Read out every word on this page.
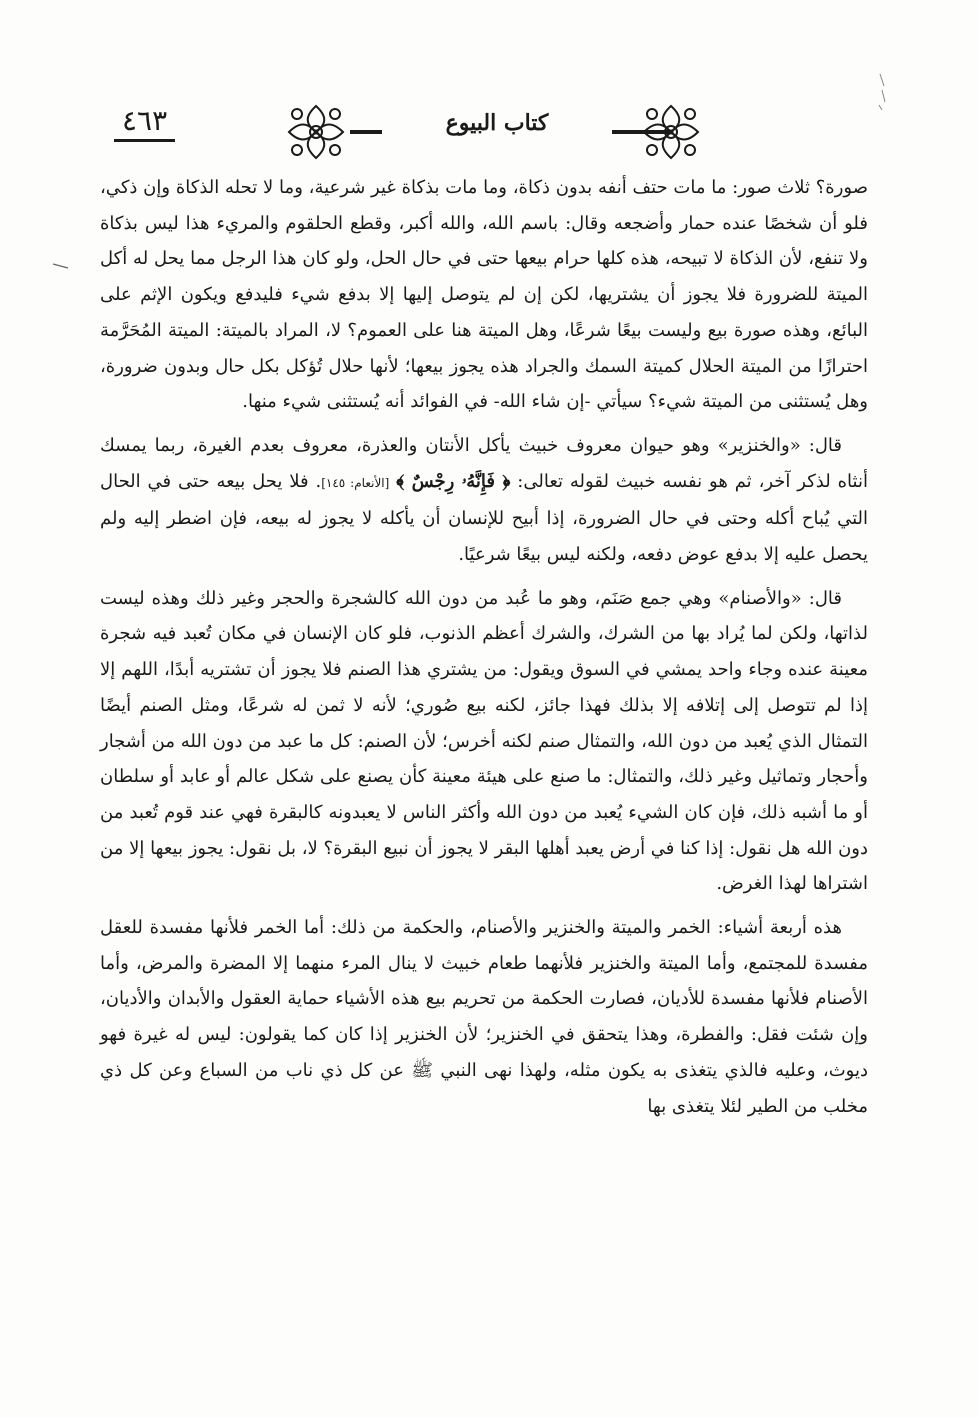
٤٦٣	كتاب البيوع

صورة؟ ثلاث صور: ما مات حتف أنفه بدون ذكاة، وما مات بذكاة غير شرعية، وما لا تحله الذكاة وإن ذكي، فلو أن شخصًا عنده حمار وأضجعه وقال: باسم الله، والله أكبر، وقطع الحلقوم والمريء هذا ليس بذكاة ولا تنفع، لأن الذكاة لا تبيحه، هذه كلها حرام بيعها حتى في حال الحل، ولو كان هذا الرجل مما يحل له أكل الميتة للضرورة فلا يجوز أن يشتريها، لكن إن لم يتوصل إليها إلا بدفع شيء فليدفع ويكون الإثم على البائع، وهذه صورة بيع وليست بيعًا شرعًا، وهل الميتة هنا على العموم؟ لا، المراد بالميتة: الميتة المُحَرَّمة احترازًا من الميتة الحلال كميتة السمك والجراد هذه يجوز بيعها؛ لأنها حلال تُؤكل بكل حال وبدون ضرورة، وهل يُستثنى من الميتة شيء؟ سيأتي -إن شاء الله- في الفوائد أنه يُستثنى شيء منها.

قال: «والخنزير» وهو حيوان معروف خبيث يأكل الأنتان والعذرة، معروف بعدم الغيرة، ربما يمسك أنثاه لذكر آخر، ثم هو نفسه خبيث لقوله تعالى: ﴿ فَإِنَّهُۥ رِجْسٌ ﴾ [الأنعام: ١٤٥]. فلا يحل بيعه حتى في الحال التي يُباح أكله وحتى في حال الضرورة، إذا أبيح للإنسان أن يأكله لا يجوز له بيعه، فإن اضطر إليه ولم يحصل عليه إلا بدفع عوض دفعه، ولكنه ليس بيعًا شرعيًا.

قال: «والأصنام» وهي جمع صَنَم، وهو ما عُبد من دون الله كالشجرة والحجر وغير ذلك وهذه ليست لذاتها، ولكن لما يُراد بها من الشرك، والشرك أعظم الذنوب، فلو كان الإنسان في مكان تُعبد فيه شجرة معينة عنده وجاء واحد يمشي في السوق ويقول: من يشتري هذا الصنم فلا يجوز أن تشتريه أبدًا، اللهم إلا إذا لم تتوصل إلى إتلافه إلا بذلك فهذا جائز، لكنه بيع صُوري؛ لأنه لا ثمن له شرعًا، ومثل الصنم أيضًا التمثال الذي يُعبد من دون الله، والتمثال صنم لكنه أخرس؛ لأن الصنم: كل ما عبد من دون الله من أشجار وأحجار وتماثيل وغير ذلك، والتمثال: ما صنع على هيئة معينة كأن يصنع على شكل عالم أو عابد أو سلطان أو ما أشبه ذلك، فإن كان الشيء يُعبد من دون الله وأكثر الناس لا يعبدونه كالبقرة فهي عند قوم تُعبد من دون الله هل نقول: إذا كنا في أرض يعبد أهلها البقر لا يجوز أن نبيع البقرة؟ لا، بل نقول: يجوز بيعها إلا من اشتراها لهذا الغرض.

هذه أربعة أشياء: الخمر والميتة والخنزير والأصنام، والحكمة من ذلك: أما الخمر فلأنها مفسدة للعقل مفسدة للمجتمع، وأما الميتة والخنزير فلأنهما طعام خبيث لا ينال المرء منهما إلا المضرة والمرض، وأما الأصنام فلأنها مفسدة للأديان، فصارت الحكمة من تحريم بيع هذه الأشياء حماية العقول والأبدان والأديان، وإن شئت فقل: والفطرة، وهذا يتحقق في الخنزير؛ لأن الخنزير إذا كان كما يقولون: ليس له غيرة فهو ديوث، وعليه فالذي يتغذى به يكون مثله، ولهذا نهى النبي ﷺ عن كل ذي ناب من السباع وعن كل ذي مخلب من الطير لئلا يتغذى بها
